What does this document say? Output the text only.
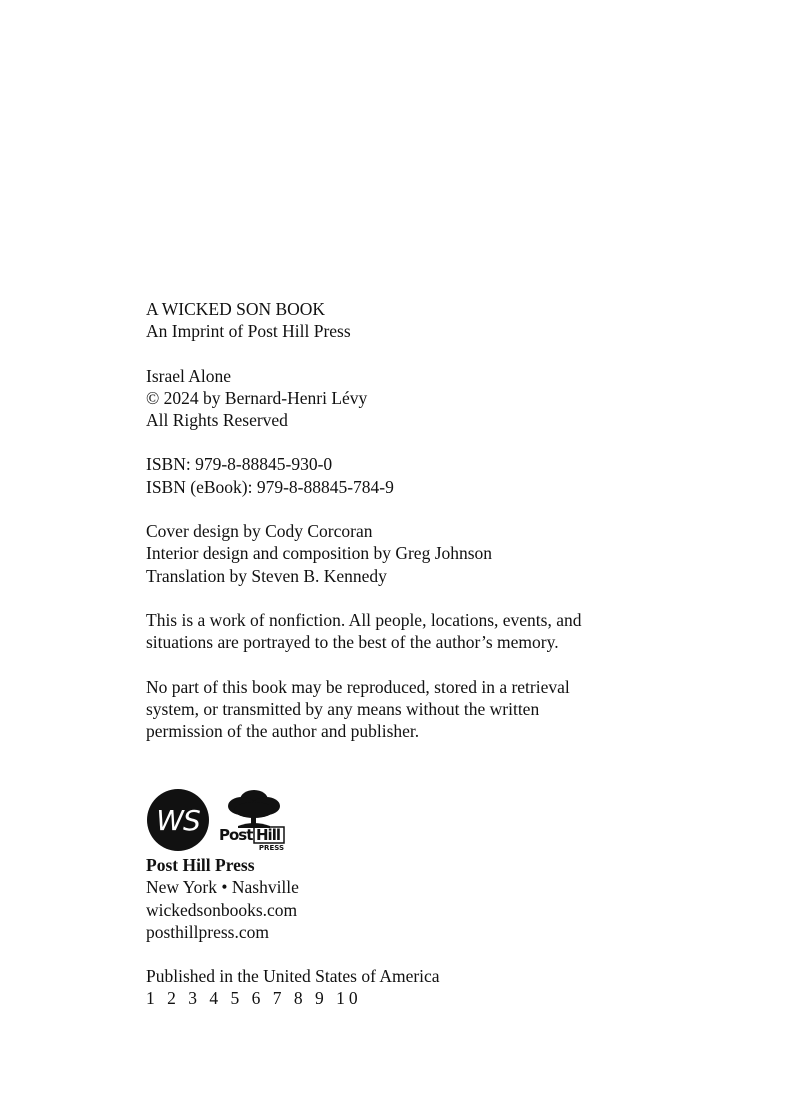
A WICKED SON BOOK

An Imprint of Post Hill Press

Israel Alone

© 2024 by Bernard-Henri Lévy

All Rights Reserved

ISBN: 979-8-88845-930-0

ISBN (eBook): 979-8-88845-784-9

Cover design by Cody Corcoran

Interior design and composition by Greg Johnson

Translation by Steven B. Kennedy

This is a work of nonfiction. All people, locations, events, and

situations are portrayed to the best of the author’s memory.

No part of this book may be reproduced, stored in a retrieval

system, or transmitted by any means without the written

permission of the author and publisher.

WS Post Hill
PRESS

Post Hill Press

New York • Nashville

wickedsonbooks.com

posthillpress.com

Published in the United States of America

1 2 3 4 5 6 7 8 9 10
